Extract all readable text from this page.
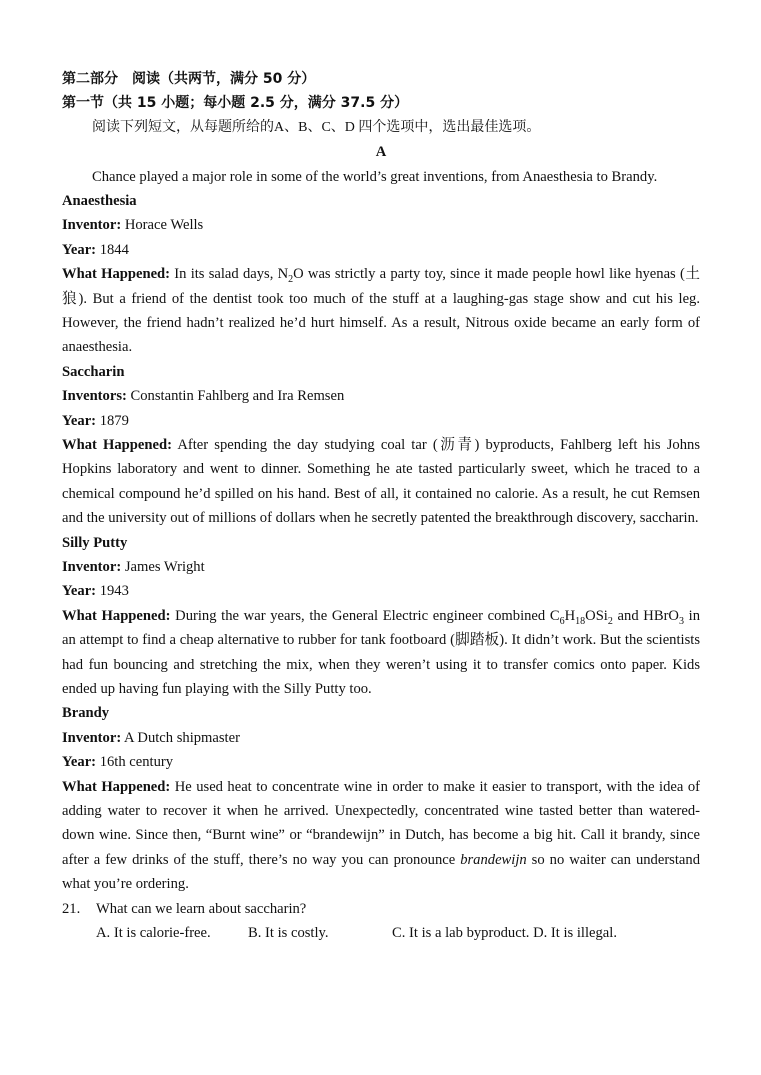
第二部分　阅读（共两节，满分 50 分）
第一节（共 15 小题；每小题 2.5 分，满分 37.5 分）
阅读下列短文，从每题所给的A、B、C、D 四个选项中，选出最佳选项。
A
Chance played a major role in some of the world’s great inventions, from Anaesthesia to Brandy.
Anaesthesia
Inventor: Horace Wells
Year: 1844
What Happened: In its salad days, $N_2O$ was strictly a party toy, since it made people howl like hyenas (土狼). But a friend of the dentist took too much of the stuff at a laughing-gas stage show and cut his leg. However, the friend hadn’t realized he’d hurt himself. As a result, Nitrous oxide became an early form of anaesthesia.
Saccharin
Inventors: Constantin Fahlberg and Ira Remsen
Year: 1879
What Happened: After spending the day studying coal tar (沥青) byproducts, Fahlberg left his Johns Hopkins laboratory and went to dinner. Something he ate tasted particularly sweet, which he traced to a chemical compound he’d spilled on his hand. Best of all, it contained no calorie. As a result, he cut Remsen and the university out of millions of dollars when he secretly patented the breakthrough discovery, saccharin.
Silly Putty
Inventor: James Wright
Year: 1943
What Happened: During the war years, the General Electric engineer combined $C_6H_{18}OSi_2$ and HBrO$_3$ in an attempt to find a cheap alternative to rubber for tank footboard (脚踏板). It didn’t work. But the scientists had fun bouncing and stretching the mix, when they weren’t using it to transfer comics onto paper. Kids ended up having fun playing with the Silly Putty too.
Brandy
Inventor: A Dutch shipmaster
Year: 16th century
What Happened: He used heat to concentrate wine in order to make it easier to transport, with the idea of adding water to recover it when he arrived. Unexpectedly, concentrated wine tasted better than watered-down wine. Since then, “Burnt wine” or “brandewijn” in Dutch, has become a big hit. Call it brandy, since after a few drinks of the stuff, there’s no way you can pronounce brandewijn so no waiter can understand what you’re ordering.
21. What can we learn about saccharin?
A. It is calorie-free.	B. It is costly.	C. It is a lab byproduct. D. It is illegal.
